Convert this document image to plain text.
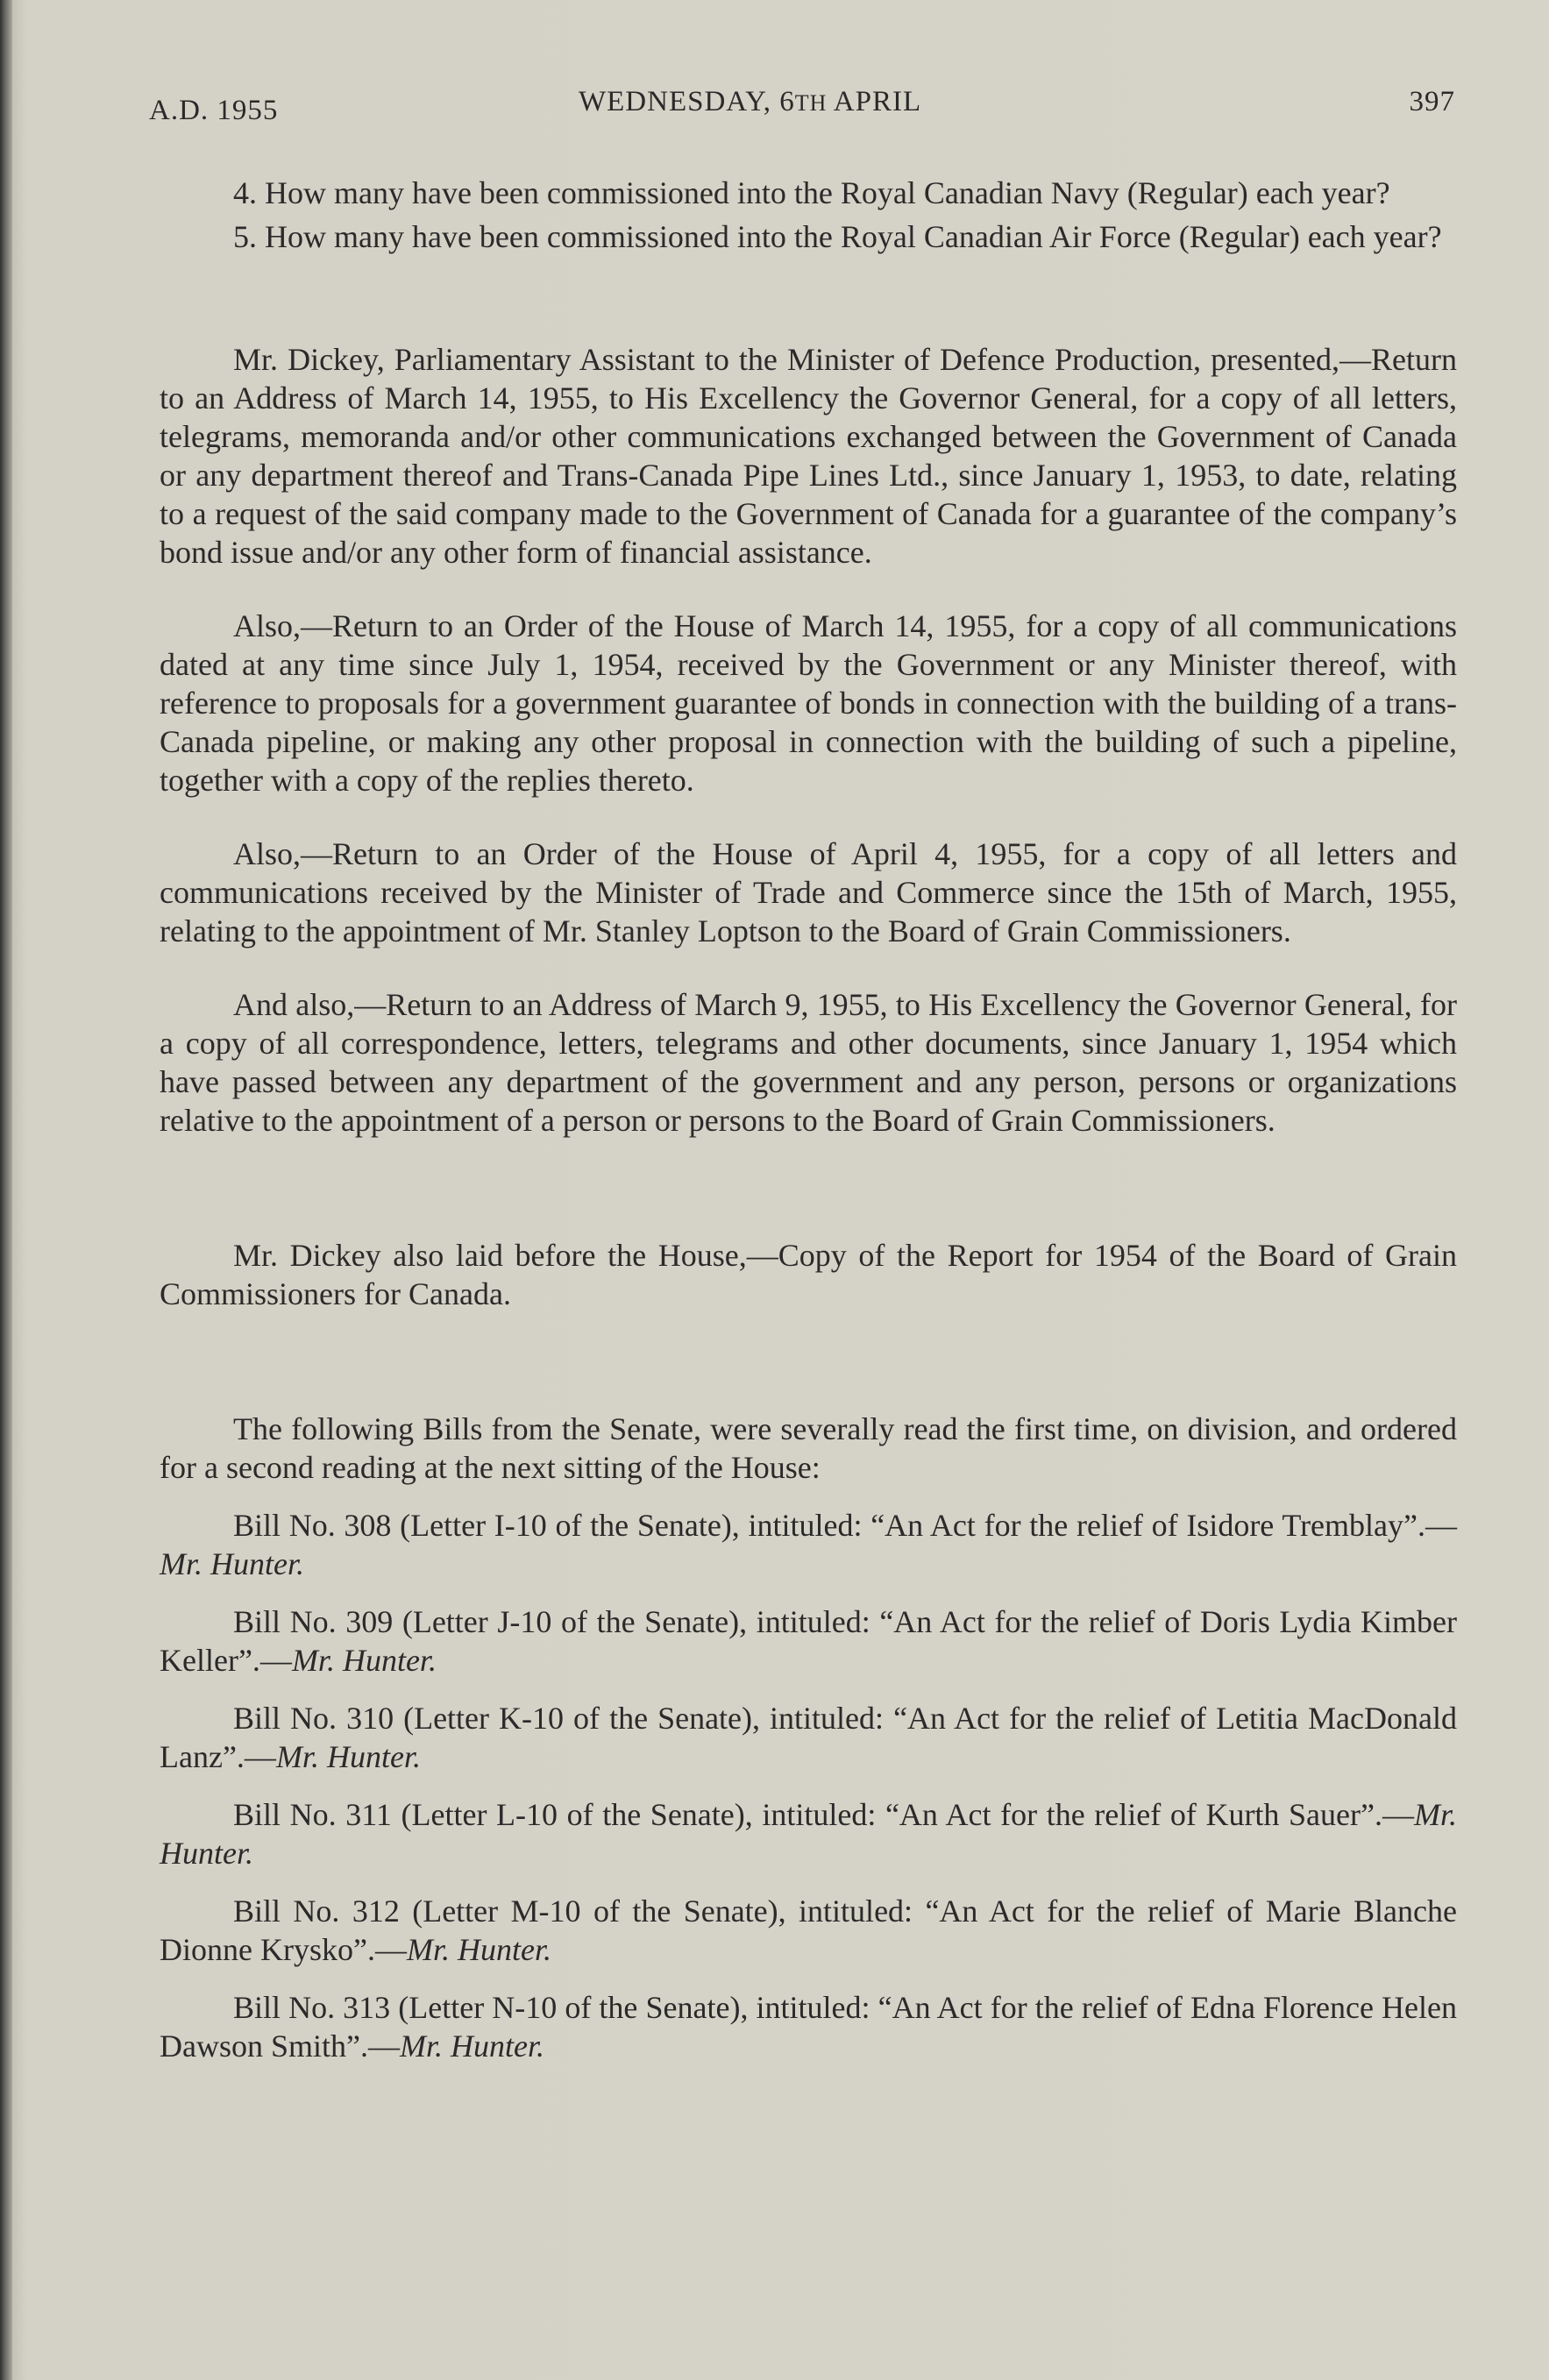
A.D. 1955	WEDNESDAY, 6TH APRIL	397

4. How many have been commissioned into the Royal Canadian Navy (Regular) each year?

5. How many have been commissioned into the Royal Canadian Air Force (Regular) each year?

Mr. Dickey, Parliamentary Assistant to the Minister of Defence Production, presented,—Return to an Address of March 14, 1955, to His Excellency the Governor General, for a copy of all letters, telegrams, memoranda and/or other communications exchanged between the Government of Canada or any department thereof and Trans-Canada Pipe Lines Ltd., since January 1, 1953, to date, relating to a request of the said company made to the Government of Canada for a guarantee of the company’s bond issue and/or any other form of financial assistance.

Also,—Return to an Order of the House of March 14, 1955, for a copy of all communications dated at any time since July 1, 1954, received by the Government or any Minister thereof, with reference to proposals for a government guarantee of bonds in connection with the building of a trans-Canada pipeline, or making any other proposal in connection with the building of such a pipeline, together with a copy of the replies thereto.

Also,—Return to an Order of the House of April 4, 1955, for a copy of all letters and communications received by the Minister of Trade and Commerce since the 15th of March, 1955, relating to the appointment of Mr. Stanley Loptson to the Board of Grain Commissioners.

And also,—Return to an Address of March 9, 1955, to His Excellency the Governor General, for a copy of all correspondence, letters, telegrams and other documents, since January 1, 1954 which have passed between any department of the government and any person, persons or organizations relative to the appointment of a person or persons to the Board of Grain Commissioners.

Mr. Dickey also laid before the House,—Copy of the Report for 1954 of the Board of Grain Commissioners for Canada.

The following Bills from the Senate, were severally read the first time, on division, and ordered for a second reading at the next sitting of the House:

Bill No. 308 (Letter I-10 of the Senate), intituled: “An Act for the relief of Isidore Tremblay”.—Mr. Hunter.

Bill No. 309 (Letter J-10 of the Senate), intituled: “An Act for the relief of Doris Lydia Kimber Keller”.—Mr. Hunter.

Bill No. 310 (Letter K-10 of the Senate), intituled: “An Act for the relief of Letitia MacDonald Lanz”.—Mr. Hunter.

Bill No. 311 (Letter L-10 of the Senate), intituled: “An Act for the relief of Kurth Sauer”.—Mr. Hunter.

Bill No. 312 (Letter M-10 of the Senate), intituled: “An Act for the relief of Marie Blanche Dionne Krysko”.—Mr. Hunter.

Bill No. 313 (Letter N-10 of the Senate), intituled: “An Act for the relief of Edna Florence Helen Dawson Smith”.—Mr. Hunter.
